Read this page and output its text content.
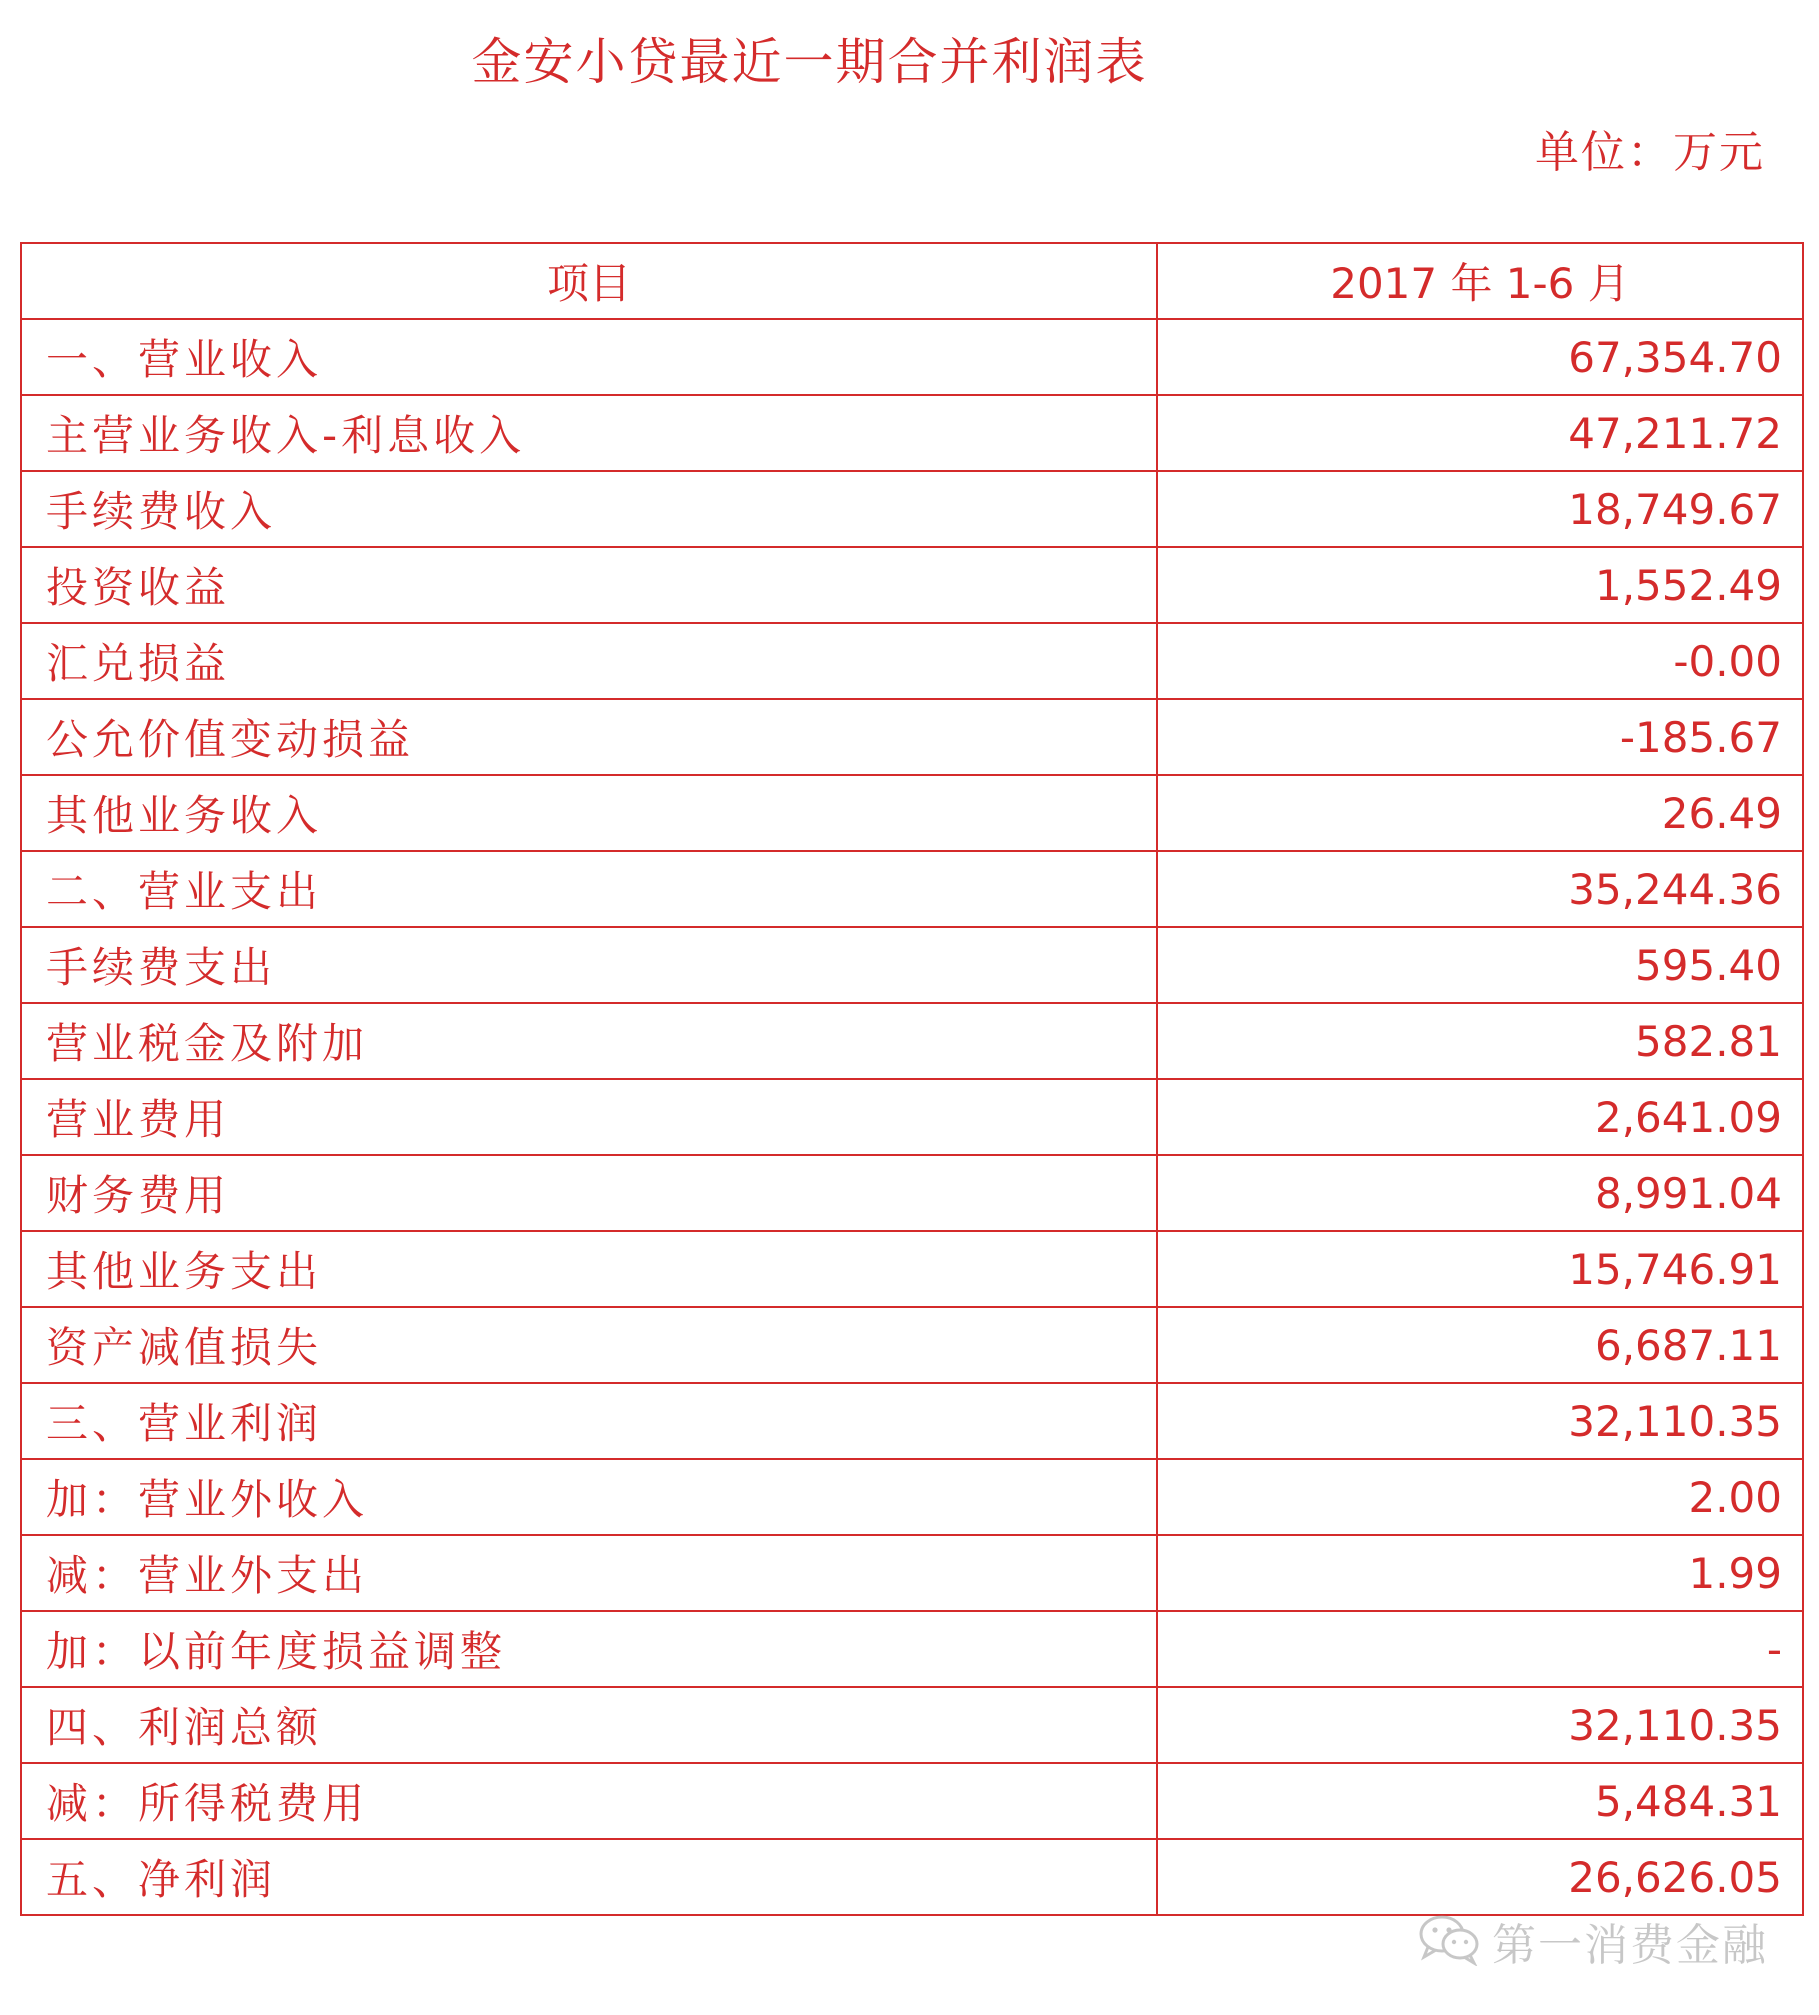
金安小贷最近一期合并利润表
单位：万元
项目	2017 年 1-6 月
一、营业收入	67,354.70
主营业务收入-利息收入	47,211.72
手续费收入	18,749.67
投资收益	1,552.49
汇兑损益	-0.00
公允价值变动损益	-185.67
其他业务收入	26.49
二、营业支出	35,244.36
手续费支出	595.40
营业税金及附加	582.81
营业费用	2,641.09
财务费用	8,991.04
其他业务支出	15,746.91
资产减值损失	6,687.11
三、营业利润	32,110.35
加：营业外收入	2.00
减：营业外支出	1.99
加：以前年度损益调整	-
四、利润总额	32,110.35
减：所得税费用	5,484.31
五、净利润	26,626.05
第一消费金融
